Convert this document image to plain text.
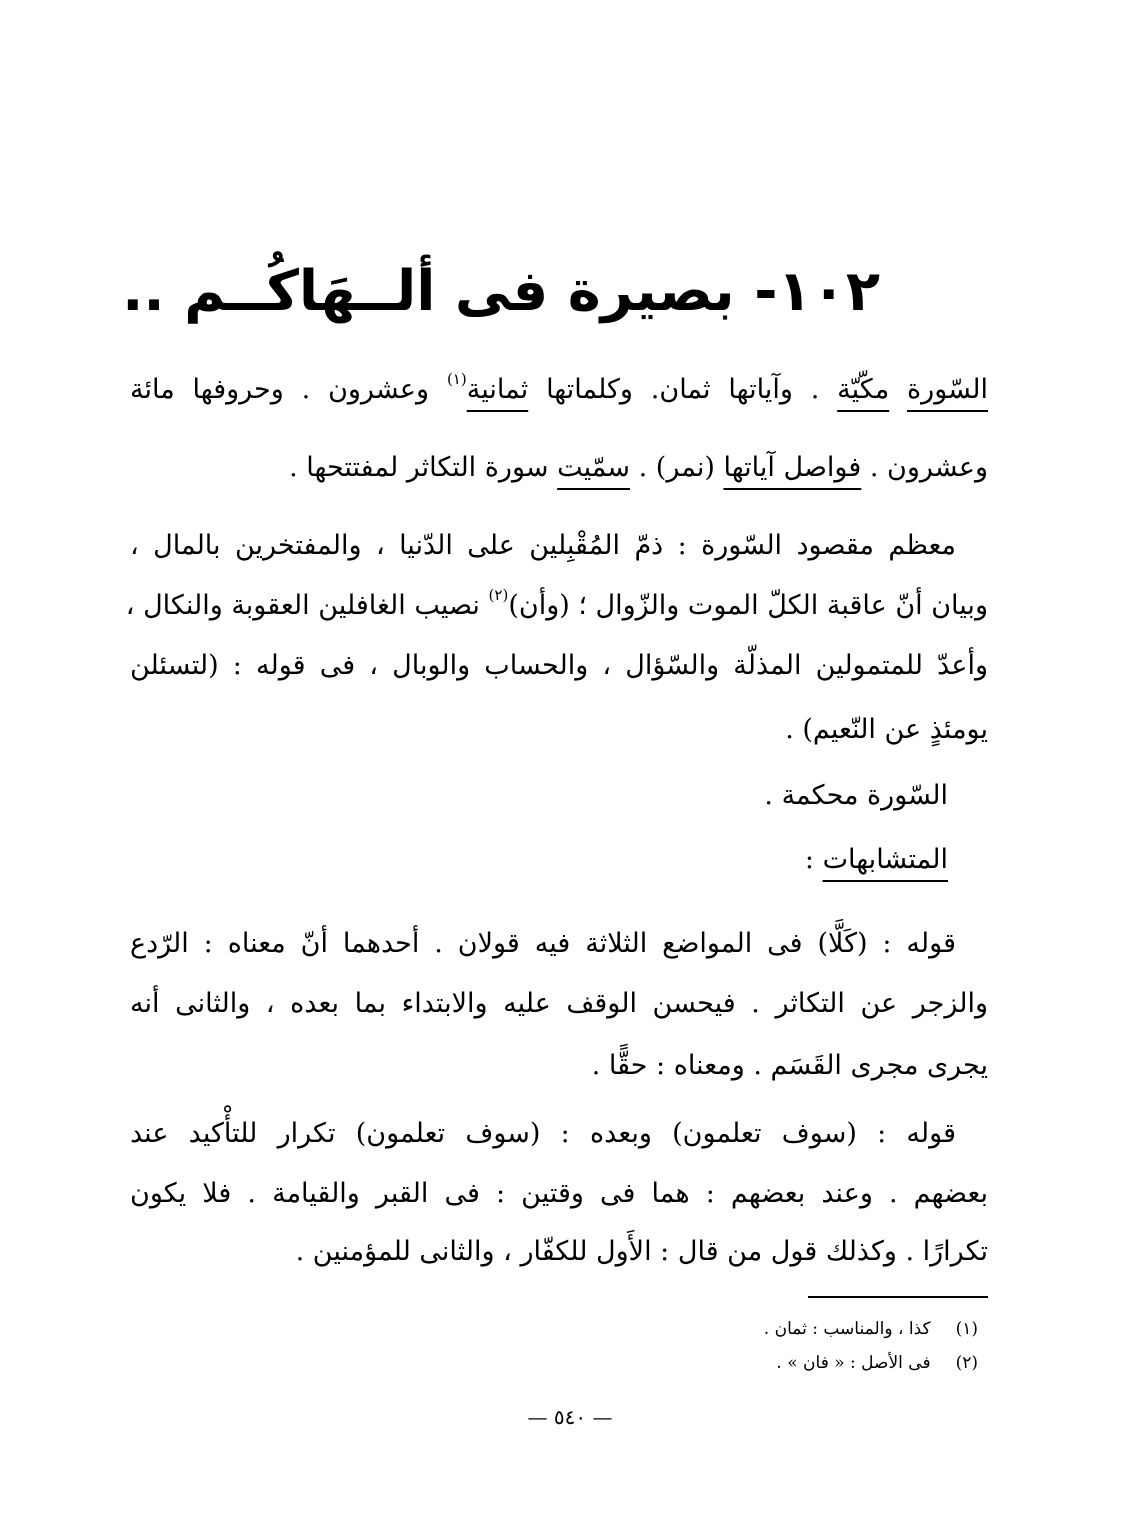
١٠٢- بصيرة فى ألــهَاكُــم ..
السّورة مكّيّة . وآياتها ثمان. وكلماتها ثمانية$^{(١)}$ وعشرون . وحروفها مائة
وعشرون . فواصل آياتها (نمر) . سمّيت سورة التكاثر لمفتتحها .
معظم مقصود السّورة : ذمّ المُقْبِلين على الدّنيا ، والمفتخرين بالمال ،
وبيان أنّ عاقبة الكلّ الموت والزّوال ؛ (وأن)$^{(٢)}$ نصيب الغافلين العقوبة والنكال ،
وأعدّ للمتمولين المذلّة والسّؤال ، والحساب والوبال ، فى قوله : (لتسئلن
يومئذٍ عن النّعيم) .
السّورة محكمة .
المتشابهات :
قوله : (كَلَّا) فى المواضع الثلاثة فيه قولان . أحدهما أنّ معناه : الرّدع
والزجر عن التكاثر . فيحسن الوقف عليه والابتداء بما بعده ، والثانى أنه
يجرى مجرى القَسَم . ومعناه : حقًّا .
قوله : (سوف تعلمون) وبعده : (سوف تعلمون) تكرار للتأْكيد عند
بعضهم . وعند بعضهم : هما فى وقتين : فى القبر والقيامة . فلا يكون
تكرارًا . وكذلك قول من قال : الأَول للكفّار ، والثانى للمؤمنين .
(١) كذا ، والمناسب : ثمان .
(٢) فى الأصل : « فان » .
— ٥٤٠ —
